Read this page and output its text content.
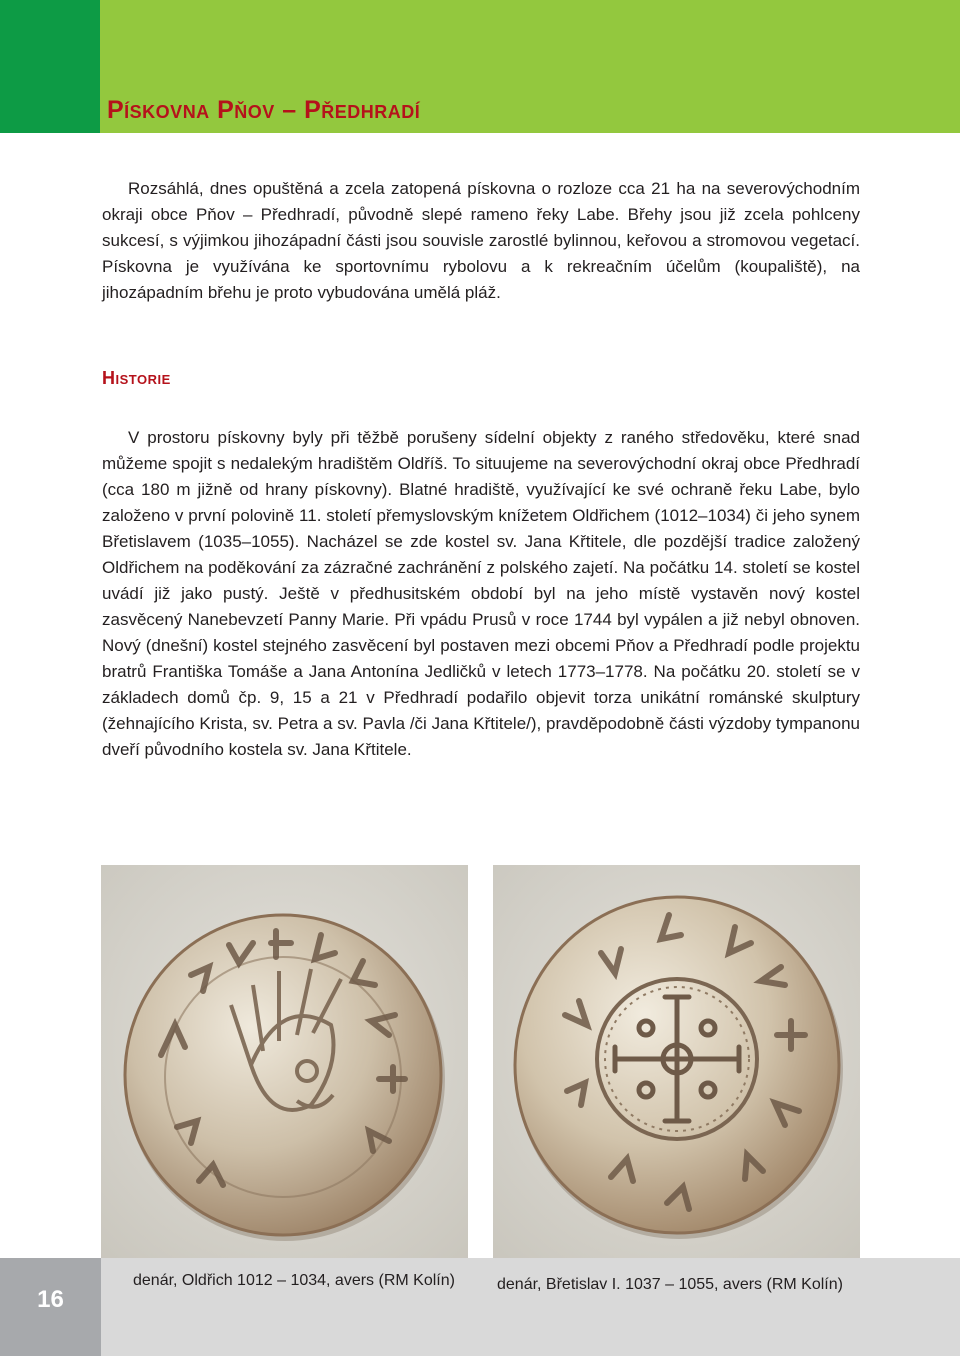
Pískovna Pňov – Předhradí

Rozsáhlá, dnes opuštěná a zcela zatopená pískovna o rozloze cca 21 ha na severovýchodním okraji obce Pňov – Předhradí, původně slepé rameno řeky Labe. Břehy jsou již zcela pohlceny sukcesí, s výjimkou jihozápadní části jsou souvisle zarostlé bylinnou, keřovou a stromovou vegetací. Pískovna je využívána ke sportovnímu rybolovu a k rekreačním účelům (koupaliště), na jihozápadním břehu je proto vybudována umělá pláž.

Historie

V prostoru pískovny byly při těžbě porušeny sídelní objekty z raného středověku, které snad můžeme spojit s nedalekým hradištěm Oldříš. To situujeme na severovýchodní okraj obce Předhradí (cca 180 m jižně od hrany pískovny). Blatné hradiště, využívající ke své ochraně řeku Labe, bylo založeno v první polovině 11. století přemyslovským knížetem Oldřichem (1012–1034) či jeho synem Břetislavem (1035–1055). Nacházel se zde kostel sv. Jana Křtitele, dle pozdější tradice založený Oldřichem na poděkování za zázračné zachránění z polského zajetí. Na počátku 14. století se kostel uvádí již jako pustý. Ještě v předhusitském období byl na jeho místě vystavěn nový kostel zasvěcený Nanebevzetí Panny Marie. Při vpádu Prusů v roce 1744 byl vypálen a již nebyl obnoven. Nový (dnešní) kostel stejného zasvěcení byl postaven mezi obcemi Pňov a Předhradí podle projektu bratrů Františka Tomáše a Jana Antonína Jedličků v letech 1773–1778. Na počátku 20. století se v základech domů čp. 9, 15 a 21 v Předhradí podařilo objevit torza unikátní románské skulptury (žehnajícího Krista, sv. Petra a sv. Pavla /či Jana Křtitele/), pravděpodobně části výzdoby tympanonu dveří původního kostela sv. Jana Křtitele.

16
denár, Oldřich 1012 – 1034, avers (RM Kolín)	denár, Břetislav I. 1037 – 1055, avers (RM Kolín)
